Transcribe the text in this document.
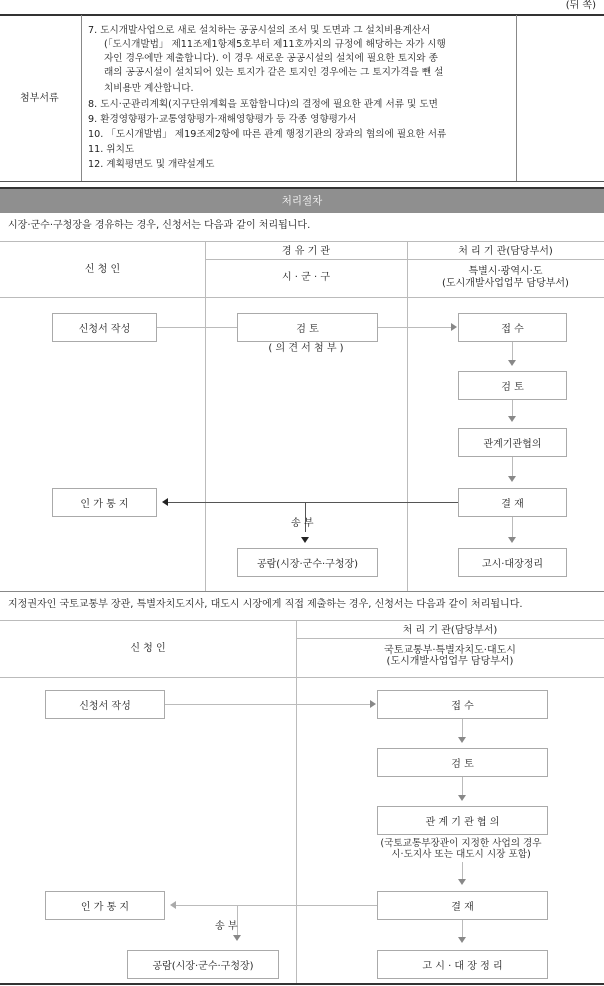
(뒤 쪽)
첨부서류
7. 도시개발사업으로 새로 설치하는 공공시설의 조서 및 도면과 그 설치비용계산서
(「도시개발법」 제11조제1항제5호부터 제11호까지의 규정에 해당하는 자가 시행
자인 경우에만 제출합니다). 이 경우 새로운 공공시설의 설치에 필요한 토지와 종
래의 공공시설이 설치되어 있는 토지가 같은 토지인 경우에는 그 토지가격을 뺀 설
치비용만 계산합니다.
8. 도시·군관리계획(지구단위계획을 포함합니다)의 결정에 필요한 관계 서류 및 도면
9. 환경영향평가·교통영향평가·재해영향평가 등 각종 영향평가서
10. 「도시개발법」 제19조제2항에 따른 관계 행정기관의 장과의 협의에 필요한 서류
11. 위치도
12. 계획평면도 및 개략설계도
처리절차
시장·군수·구청장을 경유하는 경우, 신청서는 다음과 같이 처리됩니다.
신 청 인
경 유 기 관
시 · 군 · 구
처 리 기 관(담당부서)
특별시·광역시·도
(도시개발사업업무 담당부서)
신청서 작성	검 토
( 의 견 서 첨 부 )
접 수
검 토
관계기관협의
결 재
인 가 통 지
송 부
공람(시장·군수·구청장)	고시·대장정리
지정권자인 국토교통부 장관, 특별자치도지사, 대도시 시장에게 직접 제출하는 경우, 신청서는 다음과 같이 처리됩니다.
신 청 인
처 리 기 관(담당부서)
국토교통부·특별자치도·대도시
(도시개발사업업무 담당부서)
신청서 작성	접 수
검 토
관 계 기 관 협 의
(국토교통부장관이 지정한 사업의 경우
시·도지사 또는 대도시 시장 포함)
결 재
인 가 통 지
송 부
공람(시장·군수·구청장)	고 시 · 대 장 정 리
